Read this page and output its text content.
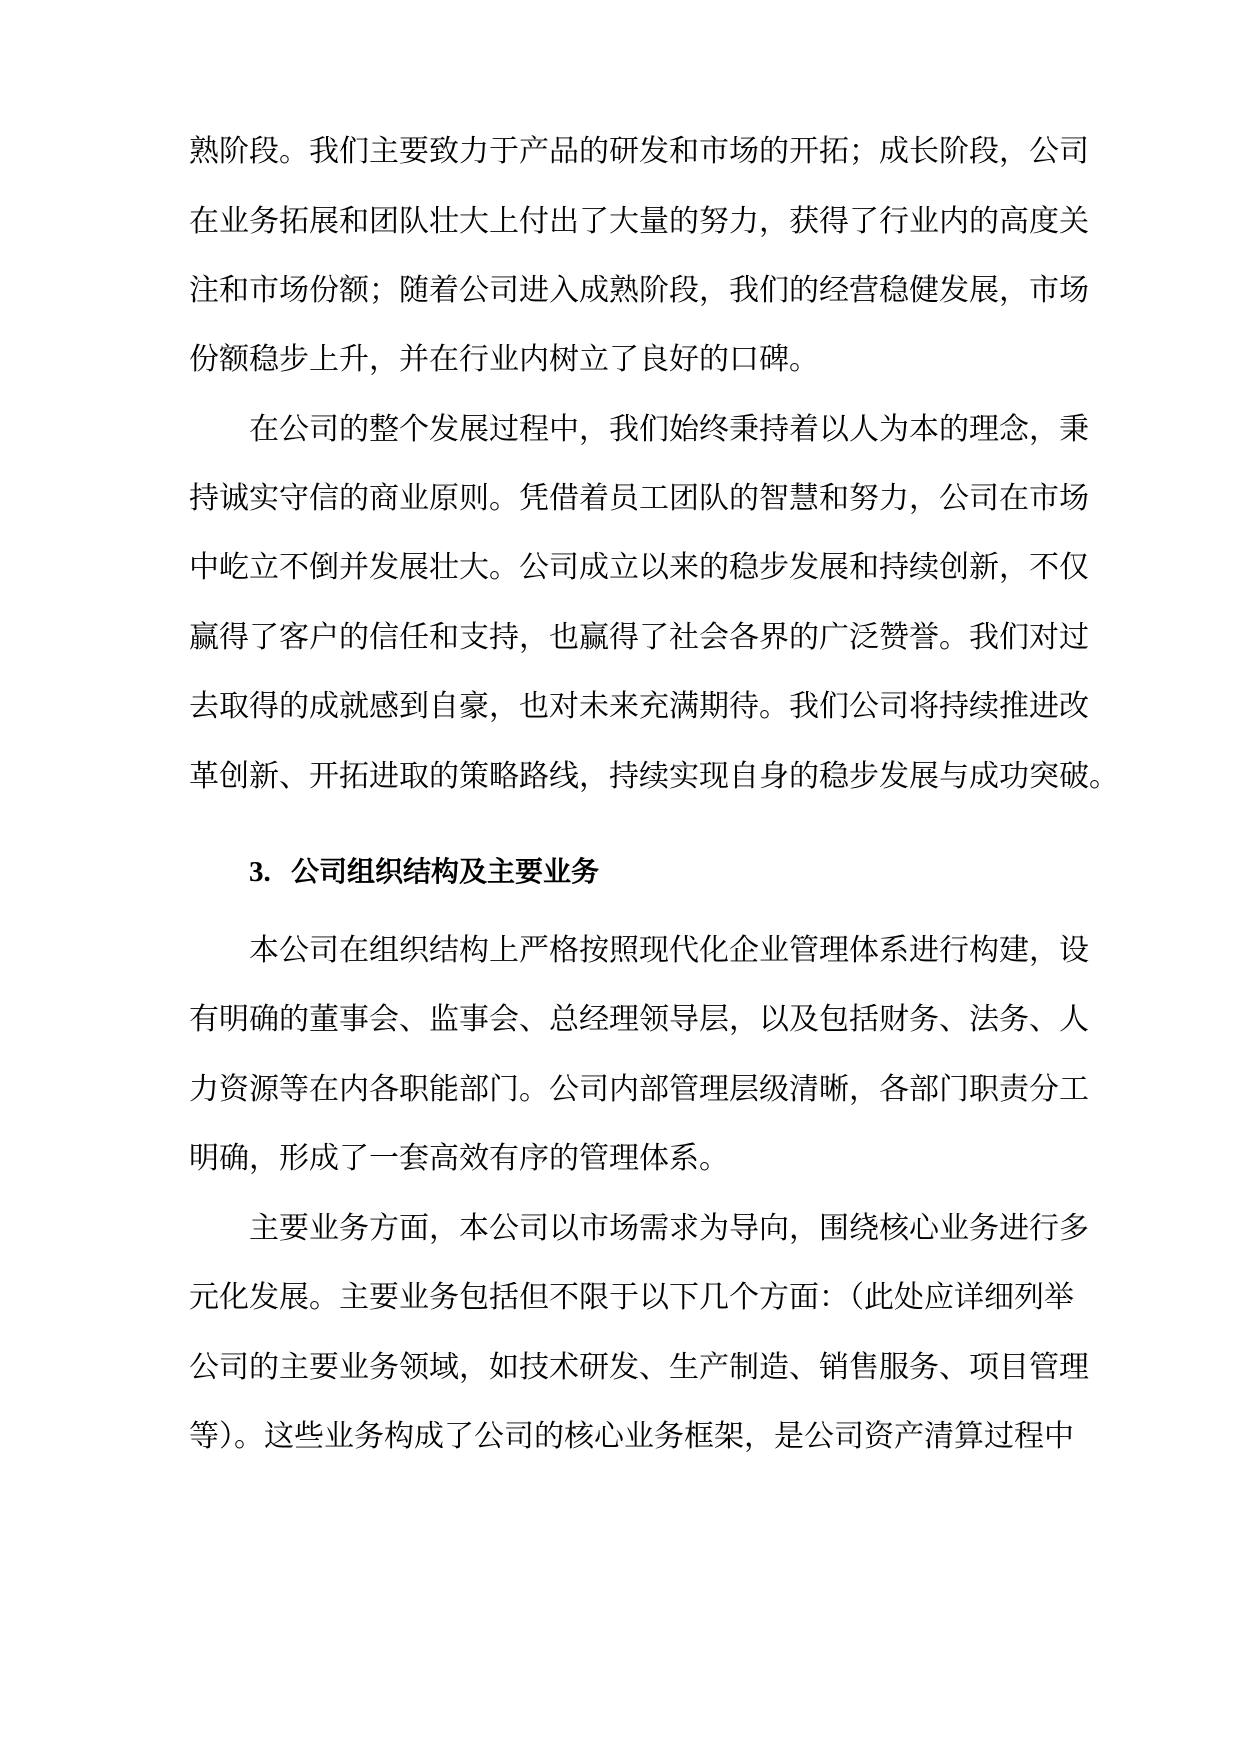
熟阶段。我们主要致力于产品的研发和市场的开拓；成长阶段，公司
在业务拓展和团队壮大上付出了大量的努力，获得了行业内的高度关
注和市场份额；随着公司进入成熟阶段，我们的经营稳健发展，市场
份额稳步上升，并在行业内树立了良好的口碑。
在公司的整个发展过程中，我们始终秉持着以人为本的理念，秉
持诚实守信的商业原则。凭借着员工团队的智慧和努力，公司在市场
中屹立不倒并发展壮大。公司成立以来的稳步发展和持续创新，不仅
赢得了客户的信任和支持，也赢得了社会各界的广泛赞誉。我们对过
去取得的成就感到自豪，也对未来充满期待。我们公司将持续推进改
革创新、开拓进取的策略路线，持续实现自身的稳步发展与成功突破。
3. 公司组织结构及主要业务
本公司在组织结构上严格按照现代化企业管理体系进行构建，设
有明确的董事会、监事会、总经理领导层，以及包括财务、法务、人
力资源等在内各职能部门。公司内部管理层级清晰，各部门职责分工
明确，形成了一套高效有序的管理体系。
主要业务方面，本公司以市场需求为导向，围绕核心业务进行多
元化发展。主要业务包括但不限于以下几个方面：（此处应详细列举
公司的主要业务领域，如技术研发、生产制造、销售服务、项目管理
等）。这些业务构成了公司的核心业务框架，是公司资产清算过程中
